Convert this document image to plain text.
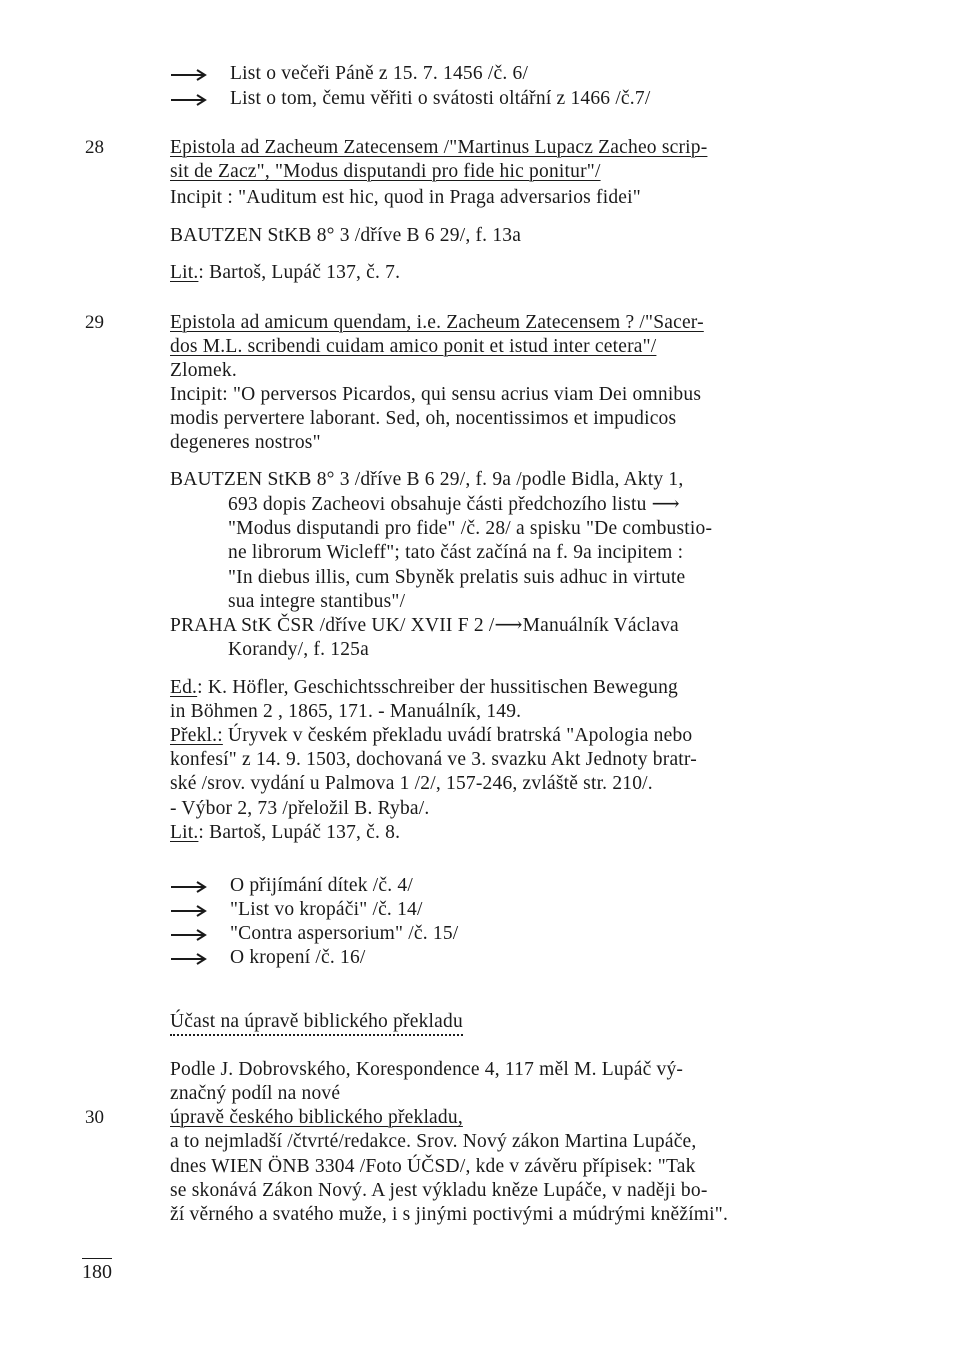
List o večeři Páně z 15. 7. 1456 /č. 6/
List o tom, čemu věřiti o svátosti oltářní z 1466 /č.7/
Epistola ad Zacheum Zatecensem /"Martinus Lupacz Zacheo scrip-
sit de Zacz", "Modus disputandi pro fide hic ponitur"/
Incipit : "Auditum est hic, quod in Praga adversarios fidei"
BAUTZEN StKB 8° 3 /dříve B 6 29/, f. 13a
Lit.: Bartoš, Lupáč 137, č. 7.
Epistola ad amicum quendam, i.e. Zacheum Zatecensem ? /"Sacer-
dos M.L. scribendi cuidam amico ponit et istud inter cetera"/
Zlomek.
Incipit: "O perversos Picardos, qui sensu acrius viam Dei omnibus
modis pervertere laborant. Sed, oh, nocentissimos et impudicos
degeneres nostros"
BAUTZEN StKB 8° 3 /dříve B 6 29/, f. 9a /podle Bidla, Akty 1,
693 dopis Zacheovi obsahuje části předchozího listu ⟶
"Modus disputandi pro fide" /č. 28/ a spisku "De combustio-
ne librorum Wicleff"; tato část začíná na f. 9a incipitem :
"In diebus illis, cum Sbyněk prelatis suis adhuc in virtute
sua integre stantibus"/
PRAHA StK ČSR /dříve UK/ XVII F 2 /⟶Manuálník Václava
Korandy/, f. 125a
Ed.: K. Höfler, Geschichtsschreiber der hussitischen Bewegung
in Böhmen 2 , 1865, 171. - Manuálník, 149.
Překl.: Úryvek v českém překladu uvádí bratrská "Apologia nebo
konfesí" z 14. 9. 1503, dochovaná ve 3. svazku Akt Jednoty bratr-
ské /srov. vydání u Palmova 1 /2/, 157-246, zvláště str. 210/.
- Výbor 2, 73 /přeložil B. Ryba/.
Lit.: Bartoš, Lupáč 137, č. 8.
O přijímání dítek /č. 4/
"List vo kropáči" /č. 14/
"Contra aspersorium" /č. 15/
O kropení /č. 16/
Účast na úpravě biblického překladu
Podle J. Dobrovského, Korespondence 4, 117 měl M. Lupáč vý-
značný podíl na nové
úpravě českého biblického překladu,
a to nejmladší /čtvrté/redakce. Srov. Nový zákon Martina Lupáče,
dnes WIEN ÖNB 3304 /Foto ÚČSD/, kde v závěru přípisek: "Tak
se skonává Zákon Nový. A jest výkladu kněze Lupáče, v naději bo-
ží věrného a svatého muže, i s jinými poctivými a múdrými kněžími".
28
29
30
180
